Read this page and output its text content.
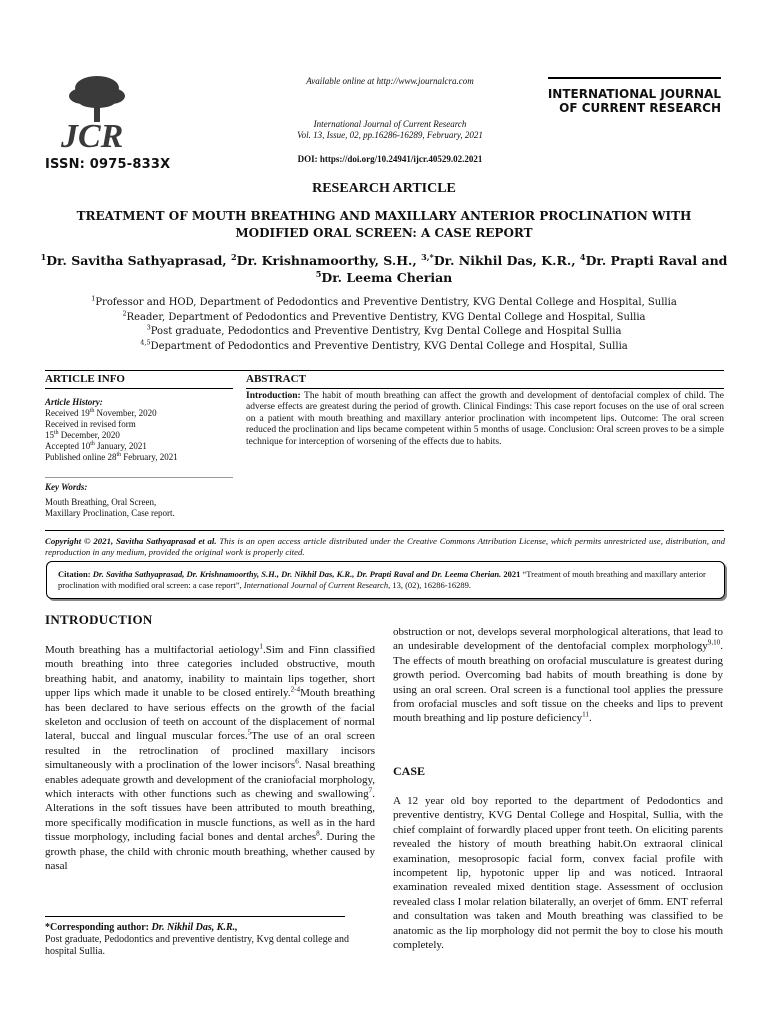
JCR
ISSN: 0975-833X
Available online at http://www.journalcra.com
International Journal of Current Research
Vol. 13, Issue, 02, pp.16286-16289, February, 2021
DOI: https://doi.org/10.24941/ijcr.40529.02.2021
INTERNATIONAL JOURNAL
OF CURRENT RESEARCH
RESEARCH ARTICLE
TREATMENT OF MOUTH BREATHING AND MAXILLARY ANTERIOR PROCLINATION WITH
MODIFIED ORAL SCREEN: A CASE REPORT
$^1$Dr. Savitha Sathyaprasad, $^2$Dr. Krishnamoorthy, S.H., $^{3,*}$Dr. Nikhil Das, K.R., $^4$Dr. Prapti Raval and
$^5$Dr. Leema Cherian
$^1$Professor and HOD, Department of Pedodontics and Preventive Dentistry, KVG Dental College and Hospital, Sullia
$^2$Reader, Department of Pedodontics and Preventive Dentistry, KVG Dental College and Hospital, Sullia
$^3$Post graduate, Pedodontics and Preventive Dentistry, Kvg Dental College and Hospital Sullia
$^{4,5}$Department of Pedodontics and Preventive Dentistry, KVG Dental College and Hospital, Sullia
ARTICLE INFO	ABSTRACT
Article History:
Received 19th November, 2020
Received in revised form
15th December, 2020
Accepted 10th January, 2021
Published online 28th February, 2021
Key Words:
Mouth Breathing, Oral Screen,
Maxillary Proclination, Case report.
Introduction: The habit of mouth breathing can affect the growth and development of dentofacial complex of child. The adverse effects are greatest during the period of growth. Clinical Findings: This case report focuses on the use of oral screen on a patient with mouth breathing and maxillary anterior proclination with incompetent lips. Outcome: The oral screen reduced the proclination and lips became competent within 5 months of usage. Conclusion: Oral screen proves to be a simple technique for interception of worsening of the effects due to habits.
Copyright © 2021, Savitha Sathyaprasad et al. This is an open access article distributed under the Creative Commons Attribution License, which permits unrestricted use, distribution, and reproduction in any medium, provided the original work is properly cited.
Citation: Dr. Savitha Sathyaprasad, Dr. Krishnamoorthy, S.H., Dr. Nikhil Das, K.R., Dr. Prapti Raval and Dr. Leema Cherian. 2021 “Treatment of mouth breathing and maxillary anterior proclination with modified oral screen: a case report”, International Journal of Current Research, 13, (02), 16286-16289.
INTRODUCTION
Mouth breathing has a multifactorial aetiology$^1$.Sim and Finn classified mouth breathing into three categories included obstructive, mouth breathing habit, and anatomy, inability to maintain lips together, short upper lips which made it unable to be closed entirely.$^{2-4}$Mouth breathing has been declared to have serious effects on the growth of the facial skeleton and occlusion of teeth on account of the displacement of normal lateral, buccal and lingual muscular forces.$^5$The use of an oral screen resulted in the retroclination of proclined maxillary incisors simultaneously with a proclination of the lower incisors$^6$. Nasal breathing enables adequate growth and development of the craniofacial morphology, which interacts with other functions such as chewing and swallowing$^7$. Alterations in the soft tissues have been attributed to mouth breathing, more specifically modification in muscle functions, as well as in the hard tissue morphology, including facial bones and dental arches$^8$. During the growth phase, the child with chronic mouth breathing, whether caused by nasal
obstruction or not, develops several morphological alterations, that lead to an undesirable development of the dentofacial complex morphology$^{9,10}$. The effects of mouth breathing on orofacial musculature is greatest during growth period. Overcoming bad habits of mouth breathing is done by using an oral screen. Oral screen is a functional tool applies the pressure from orofacial muscles and soft tissue on the cheeks and lips to prevent mouth breathing and lip posture deficiency$^{11}$.
CASE
A 12 year old boy reported to the department of Pedodontics and preventive dentistry, KVG Dental College and Hospital, Sullia, with the chief complaint of forwardly placed upper front teeth. On eliciting parents revealed the history of mouth breathing habit.On extraoral clinical examination, mesoprosopic facial form, convex facial profile with incompetent lip, hypotonic upper lip and was noticed. Intraoral examination revealed mixed dentition stage. Assessment of occlusion revealed class I molar relation bilaterally, an overjet of 6mm. ENT referral and consultation was taken and Mouth breathing was classified to be anatomic as the lip morphology did not permit the boy to close his mouth completely.
*Corresponding author: Dr. Nikhil Das, K.R.,
Post graduate, Pedodontics and preventive dentistry, Kvg dental college and hospital Sullia.
